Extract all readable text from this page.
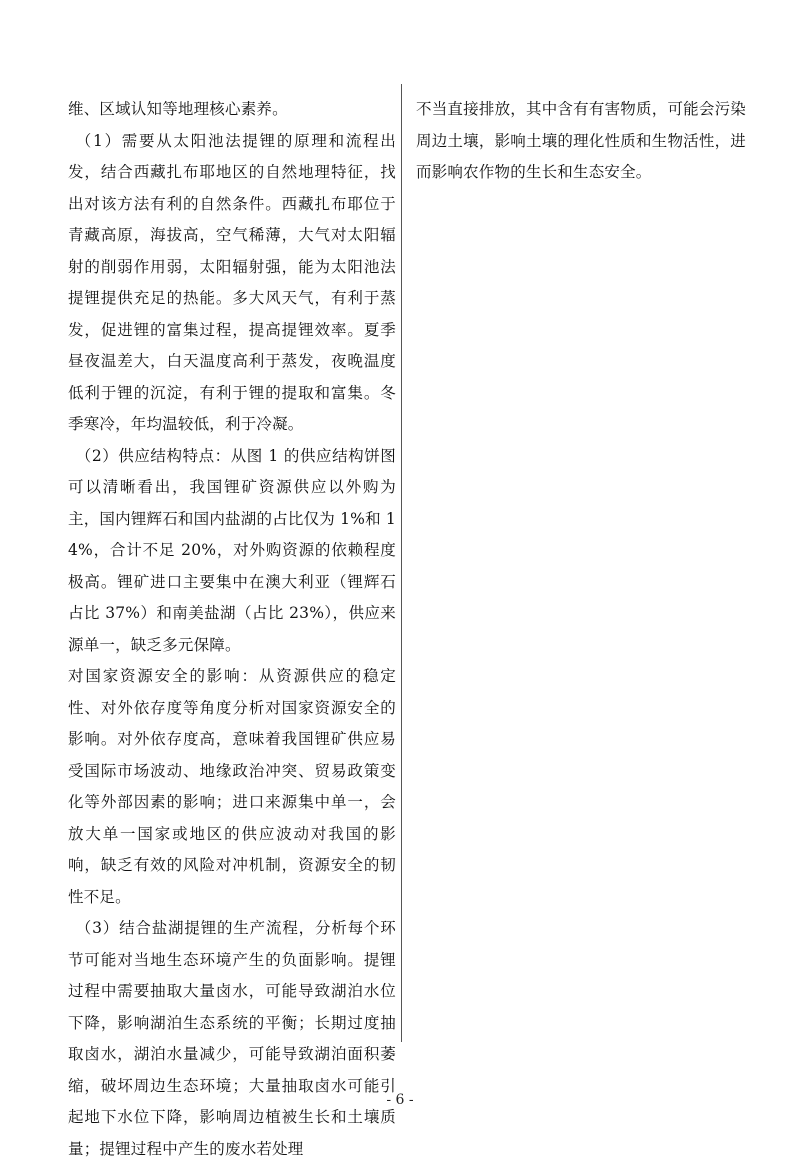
维、区域认知等地理核心素养。

（1）需要从太阳池法提锂的原理和流程出发，结合西藏扎布耶地区的自然地理特征，找出对该方法有利的自然条件。西藏扎布耶位于青藏高原，海拔高，空气稀薄，大气对太阳辐射的削弱作用弱，太阳辐射强，能为太阳池法提锂提供充足的热能。多大风天气，有利于蒸发，促进锂的富集过程，提高提锂效率。夏季昼夜温差大，白天温度高利于蒸发，夜晚温度低利于锂的沉淀，有利于锂的提取和富集。冬季寒冷，年均温较低，利于冷凝。

（2）供应结构特点：从图 1 的供应结构饼图可以清晰看出，我国锂矿资源供应以外购为主，国内锂辉石和国内盐湖的占比仅为 1%和 14%，合计不足 20%，对外购资源的依赖程度极高。锂矿进口主要集中在澳大利亚（锂辉石占比 37%）和南美盐湖（占比 23%），供应来源单一，缺乏多元保障。

对国家资源安全的影响：从资源供应的稳定性、对外依存度等角度分析对国家资源安全的影响。对外依存度高，意味着我国锂矿供应易受国际市场波动、地缘政治冲突、贸易政策变化等外部因素的影响；进口来源集中单一，会放大单一国家或地区的供应波动对我国的影响，缺乏有效的风险对冲机制，资源安全的韧性不足。

（3）结合盐湖提锂的生产流程，分析每个环节可能对当地生态环境产生的负面影响。提锂过程中需要抽取大量卤水，可能导致湖泊水位下降，影响湖泊生态系统的平衡；长期过度抽取卤水，湖泊水量减少，可能导致湖泊面积萎缩，破坏周边生态环境；大量抽取卤水可能引起地下水位下降，影响周边植被生长和土壤质量；提锂过程中产生的废水若处理

不当直接排放，其中含有有害物质，可能会污染周边土壤，影响土壤的理化性质和生物活性，进而影响农作物的生长和生态安全。

- 6 -
